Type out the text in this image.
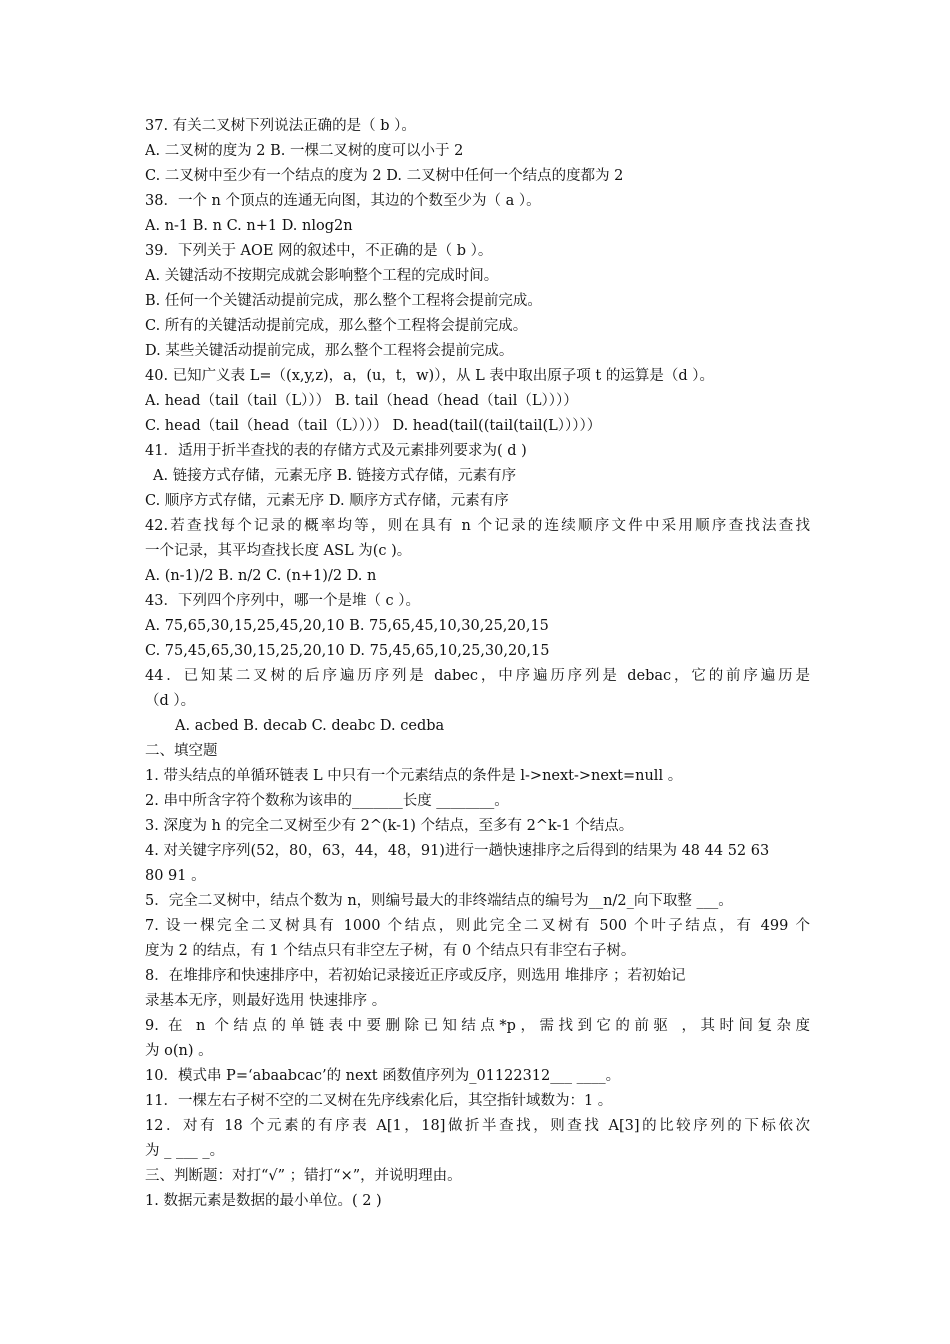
37. 有关二叉树下列说法正确的是（ b ）。
A. 二叉树的度为 2 B. 一棵二叉树的度可以小于 2
C. 二叉树中至少有一个结点的度为 2 D. 二叉树中任何一个结点的度都为 2
38．一个 n 个顶点的连通无向图，其边的个数至少为（ a ）。
A. n-1 B. n C. n+1 D. nlog2n
39．下列关于 AOE 网的叙述中，不正确的是（ b ）。
A. 关键活动不按期完成就会影响整个工程的完成时间。
B. 任何一个关键活动提前完成，那么整个工程将会提前完成。
C. 所有的关键活动提前完成，那么整个工程将会提前完成。
D. 某些关键活动提前完成，那么整个工程将会提前完成。
40. 已知广义表 L=（(x,y,z)，a，(u，t，w)），从 L 表中取出原子项 t 的运算是（d ）。
A. head（tail（tail（L））） B. tail（head（head（tail（L））））
C. head（tail（head（tail（L）））） D. head(tail((tail(tail(L）））））
41．适用于折半查找的表的存储方式及元素排列要求为( d )
A. 链接方式存储，元素无序 B. 链接方式存储，元素有序
C. 顺序方式存储，元素无序 D. 顺序方式存储，元素有序
42.若查找每个记录的概率均等，则在具有 n 个记录的连续顺序文件中采用顺序查找法查找
一个记录，其平均查找长度 ASL 为(c )。
A. (n-1)/2 B. n/2 C. (n+1)/2 D. n
43．下列四个序列中，哪一个是堆（ c ）。
A. 75,65,30,15,25,45,20,10 B. 75,65,45,10,30,25,20,15
C. 75,45,65,30,15,25,20,10 D. 75,45,65,10,25,30,20,15
44．已知某二叉树的后序遍历序列是 dabec，中序遍历序列是 debac，它的前序遍历是
（d ）。
A. acbed B. decab C. deabc D. cedba
二、填空题
1. 带头结点的单循环链表 L 中只有一个元素结点的条件是 l->next->next=null 。
2. 串中所含字符个数称为该串的_______长度 ________。
3. 深度为 h 的完全二叉树至少有 2^(k-1) 个结点，至多有 2^k-1 个结点。
4. 对关键字序列(52，80，63，44，48，91)进行一趟快速排序之后得到的结果为 48 44 52 63
80 91 。
5．完全二叉树中，结点个数为 n，则编号最大的非终端结点的编号为__n/2_向下取整 ___。
7. 设一棵完全二叉树具有 1000 个结点，则此完全二叉树有 500 个叶子结点，有 499 个
度为 2 的结点，有 1 个结点只有非空左子树，有 0 个结点只有非空右子树。
8．在堆排序和快速排序中，若初始记录接近正序或反序，则选用 堆排序 ；若初始记
录基本无序，则最好选用 快速排序 。
9. 在 n 个结点的单链表中要删除已知结点*p，需找到它的前驱 ，其时间复杂度
为 o(n) 。
10．模式串 P=‘abaabcac’的 next 函数值序列为_01122312___ ____。
11．一棵左右子树不空的二叉树在先序线索化后，其空指针域数为：1 。
12．对有 18 个元素的有序表 A[1，18]做折半查找，则查找 A[3]的比较序列的下标依次
为 _ ___ _。
三、判断题：对打“√” ；错打“×”，并说明理由。
1. 数据元素是数据的最小单位。( 2 )
